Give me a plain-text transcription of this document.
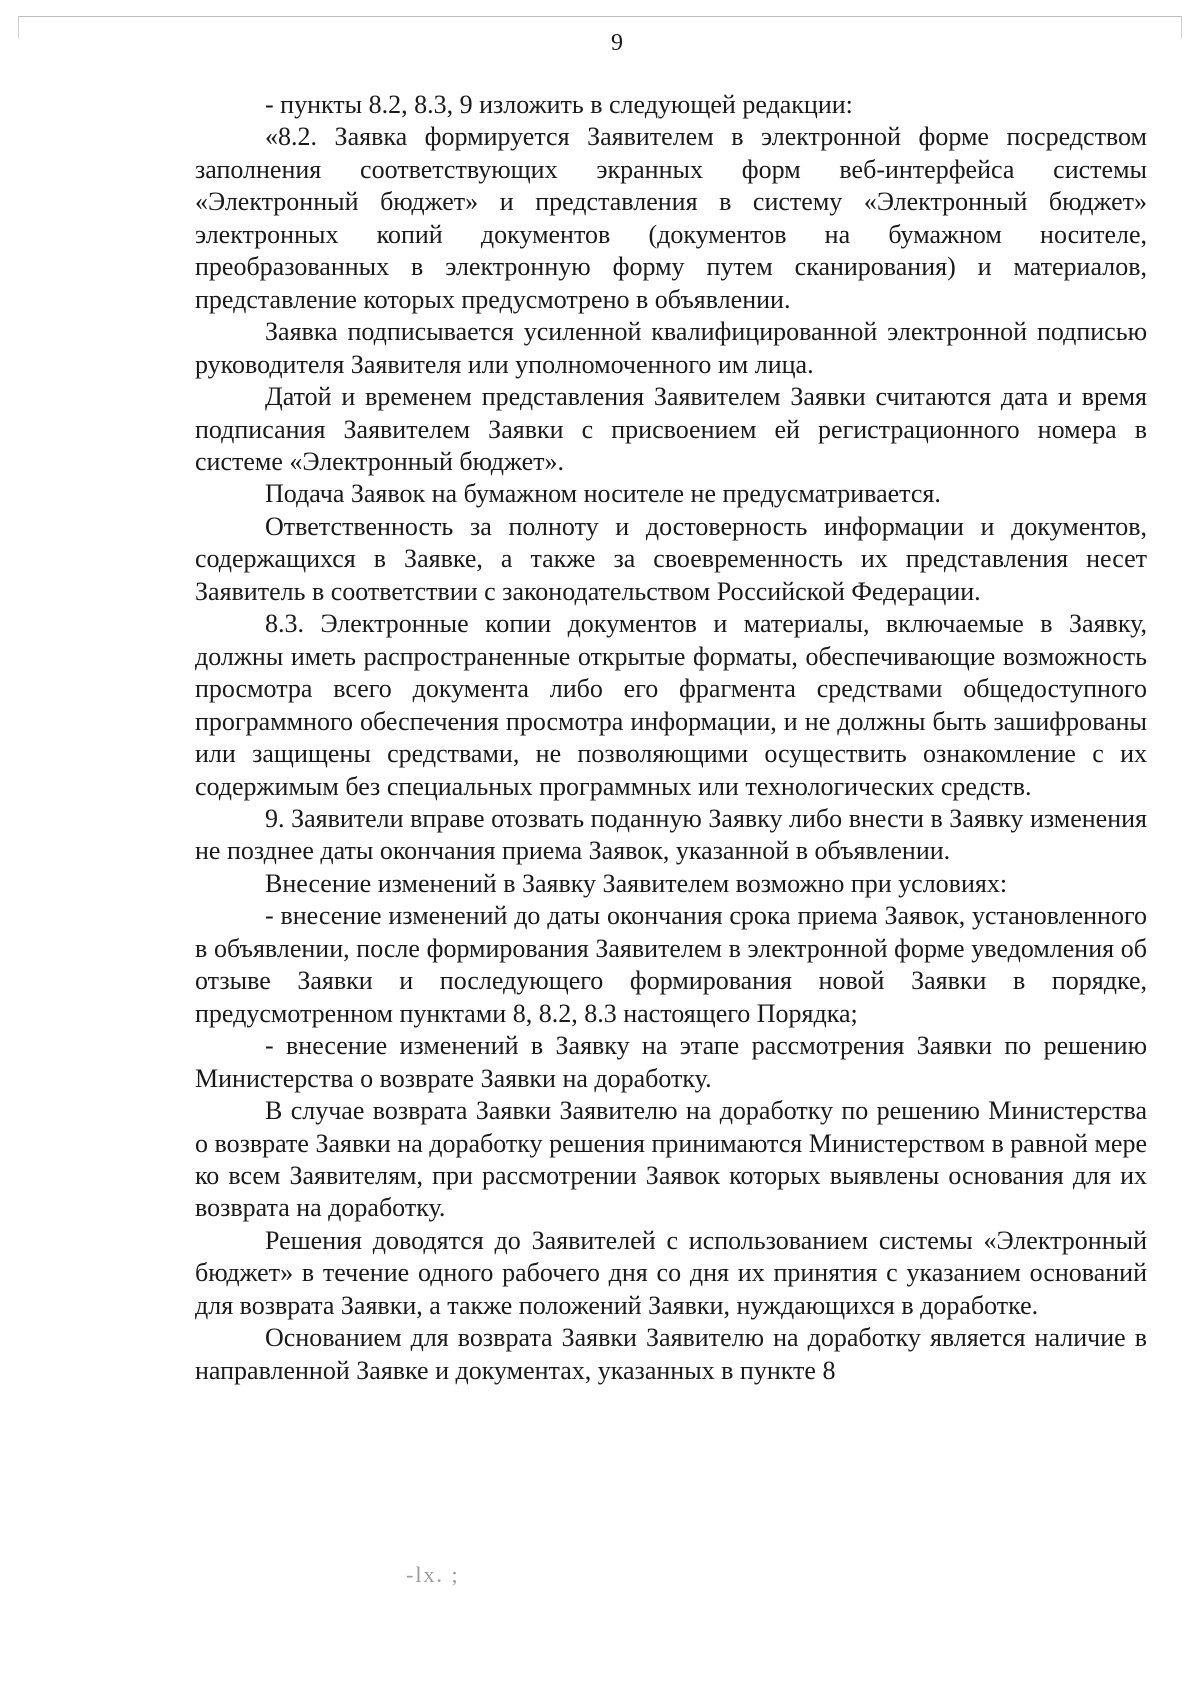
9

- пункты 8.2, 8.3, 9 изложить в следующей редакции:

«8.2. Заявка формируется Заявителем в электронной форме посредством заполнения соответствующих экранных форм веб-интерфейса системы «Электронный бюджет» и представления в систему «Электронный бюджет» электронных копий документов (документов на бумажном носителе, преобразованных в электронную форму путем сканирования) и материалов, представление которых предусмотрено в объявлении.

Заявка подписывается усиленной квалифицированной электронной подписью руководителя Заявителя или уполномоченного им лица.

Датой и временем представления Заявителем Заявки считаются дата и время подписания Заявителем Заявки с присвоением ей регистрационного номера в системе «Электронный бюджет».

Подача Заявок на бумажном носителе не предусматривается.

Ответственность за полноту и достоверность информации и документов, содержащихся в Заявке, а также за своевременность их представления несет Заявитель в соответствии с законодательством Российской Федерации.

8.3. Электронные копии документов и материалы, включаемые в Заявку, должны иметь распространенные открытые форматы, обеспечивающие возможность просмотра всего документа либо его фрагмента средствами общедоступного программного обеспечения просмотра информации, и не должны быть зашифрованы или защищены средствами, не позволяющими осуществить ознакомление с их содержимым без специальных программных или технологических средств.

9. Заявители вправе отозвать поданную Заявку либо внести в Заявку изменения не позднее даты окончания приема Заявок, указанной в объявлении.

Внесение изменений в Заявку Заявителем возможно при условиях:

- внесение изменений до даты окончания срока приема Заявок, установленного в объявлении, после формирования Заявителем в электронной форме уведомления об отзыве Заявки и последующего формирования новой Заявки в порядке, предусмотренном пунктами 8, 8.2, 8.3 настоящего Порядка;

- внесение изменений в Заявку на этапе рассмотрения Заявки по решению Министерства о возврате Заявки на доработку.

В случае возврата Заявки Заявителю на доработку по решению Министерства о возврате Заявки на доработку решения принимаются Министерством в равной мере ко всем Заявителям, при рассмотрении Заявок которых выявлены основания для их возврата на доработку.

Решения доводятся до Заявителей с использованием системы «Электронный бюджет» в течение одного рабочего дня со дня их принятия с указанием оснований для возврата Заявки, а также положений Заявки, нуждающихся в доработке.

Основанием для возврата Заявки Заявителю на доработку является наличие в направленной Заявке и документах, указанных в пункте 8

-lx. ;
